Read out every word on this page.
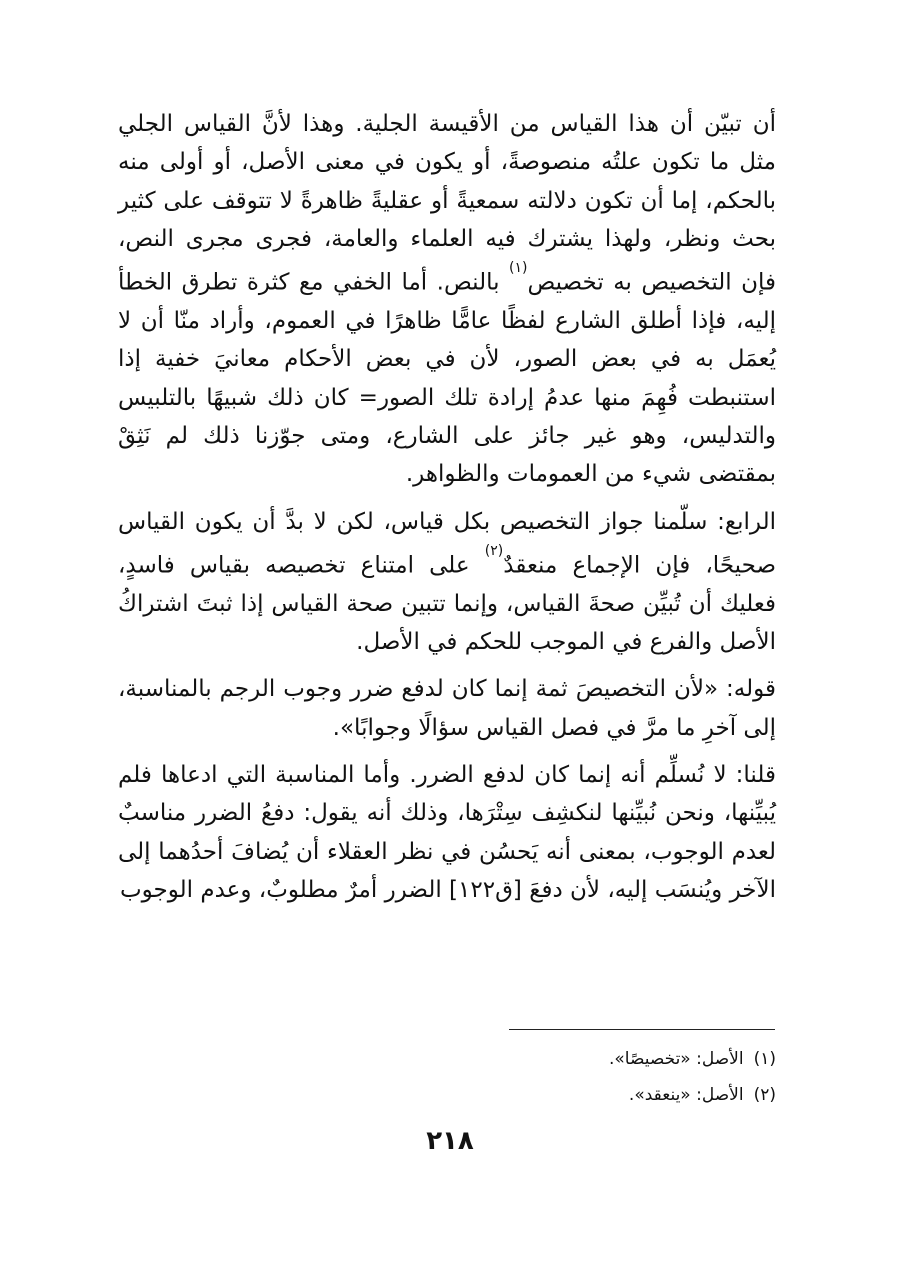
أن تبيّن أن هذا القياس من الأقيسة الجلية. وهذا لأنَّ القياس الجلي مثل ما تكون علتُه منصوصةً، أو يكون في معنى الأصل، أو أولى منه بالحكم، إما أن تكون دلالته سمعيةً أو عقليةً ظاهرةً لا تتوقف على كثير بحث ونظر، ولهذا يشترك فيه العلماء والعامة، فجرى مجرى النص، فإن التخصيص به تخصيص$^{(١)}$ بالنص. أما الخفي مع كثرة تطرق الخطأ إليه، فإذا أطلق الشارع لفظًا عامًّا ظاهرًا في العموم، وأراد منّا أن لا يُعمَل به في بعض الصور، لأن في بعض الأحكام معانيَ خفية إذا استنبطت فُهِمَ منها عدمُ إرادة تلك الصور= كان ذلك شبيهًا بالتلبيس والتدليس، وهو غير جائز على الشارع، ومتى جوّزنا ذلك لم نَثِقْ بمقتضى شيء من العمومات والظواهر.

الرابع: سلّمنا جواز التخصيص بكل قياس، لكن لا بدَّ أن يكون القياس صحيحًا، فإن الإجماع منعقدٌ$^{(٢)}$ على امتناع تخصيصه بقياس فاسدٍ، فعليك أن تُبيِّن صحةَ القياس، وإنما تتبين صحة القياس إذا ثبتَ اشتراكُ الأصل والفرع في الموجب للحكم في الأصل.

قوله: «لأن التخصيصَ ثمة إنما كان لدفع ضرر وجوب الرجم بالمناسبة، إلى آخرِ ما مرَّ في فصل القياس سؤالًا وجوابًا».

قلنا: لا نُسلِّم أنه إنما كان لدفع الضرر. وأما المناسبة التي ادعاها فلم يُبيِّنها، ونحن نُبيِّنها لنكشِف سِتْرَها، وذلك أنه يقول: دفعُ الضرر مناسبٌ لعدم الوجوب، بمعنى أنه يَحسُن في نظر العقلاء أن يُضافَ أحدُهما إلى الآخر ويُنسَب إليه، لأن دفعَ [ق١٢٢] الضرر أمرٌ مطلوبٌ، وعدم الوجوب

(١)الأصل: «تخصيصًا».
(٢)الأصل: «ينعقد».
٢١٨
